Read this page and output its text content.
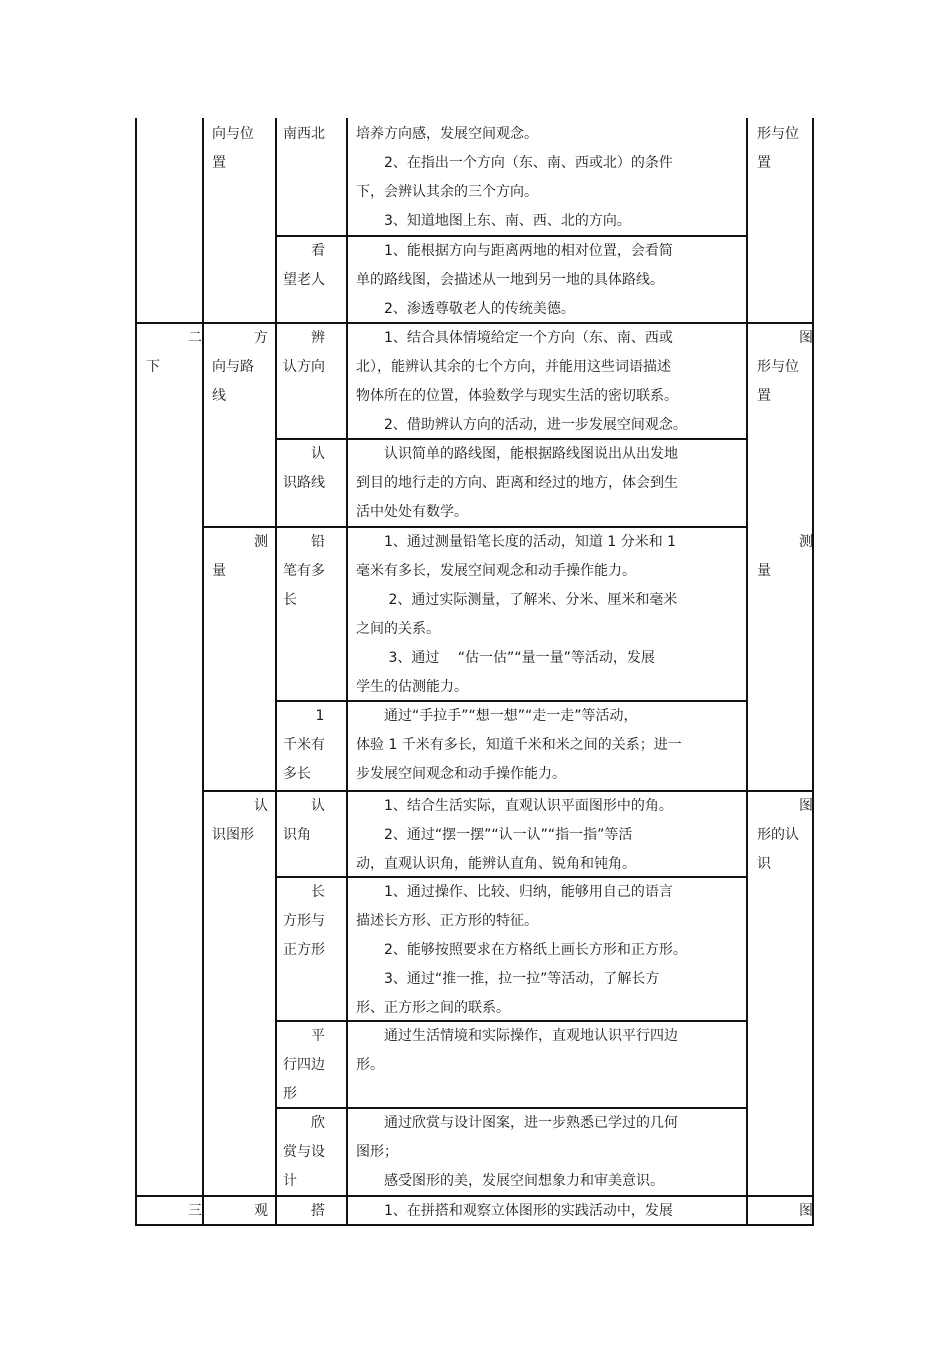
向与位
置
南西北 培养方向感，发展空间观念。
　　2、在指出一个方向（东、南、西或北）的条件
下，会辨认其余的三个方向。
　　3、知道地图上东、南、西、北的方向。
形与位
置
　　看
望老人
　　1、能根据方向与距离两地的相对位置，会看简
单的路线图，会描述从一地到另一地的具体路线。
　　2、渗透尊敬老人的传统美德。
　　　二
下
　　　方
向与路
线
　　辨
认方向
　　1、结合具体情境给定一个方向（东、南、西或
北），能辨认其余的七个方向，并能用这些词语描述
物体所在的位置，体验数学与现实生活的密切联系。
　　2、借助辨认方向的活动，进一步发展空间观念。
　　　图
形与位
置
　　认
识路线
　　认识简单的路线图，能根据路线图说出从出发地
到目的地行走的方向、距离和经过的地方，体会到生
活中处处有数学。
　　　测
量
　　铅
笔有多
长
　　1、通过测量铅笔长度的活动，知道 1 分米和 1
毫米有多长，发展空间观念和动手操作能力。
　　 2、通过实际测量，了解米、分米、厘米和毫米
之间的关系。
　　 3、通过　 “估一估”“量一量”等活动，发展
学生的估测能力。
　　　测
量
　　 1
千米有
多长
　　通过“手拉手”“想一想”“走一走”等活动，
体验 1 千米有多长，知道千米和米之间的关系；进一
步发展空间观念和动手操作能力。
　　　认
识图形
　　认
识角
　　1、结合生活实际，直观认识平面图形中的角。
　　2、通过“摆一摆”“认一认”“指一指”等活
动，直观认识角，能辨认直角、锐角和钝角。
　　　图
形的认
识
　　长
方形与
正方形
　　1、通过操作、比较、归纳，能够用自己的语言
描述长方形、正方形的特征。
　　2、能够按照要求在方格纸上画长方形和正方形。
　　3、通过“推一推，拉一拉”等活动，了解长方
形、正方形之间的联系。
　　平
行四边
形
　　通过生活情境和实际操作，直观地认识平行四边
形。
　　欣
赏与设
计
　　通过欣赏与设计图案，进一步熟悉已学过的几何
图形；
　　感受图形的美，发展空间想象力和审美意识。
　　　三 　　　观 　　搭 　　1、在拼搭和观察立体图形的实践活动中，发展	　　　图
